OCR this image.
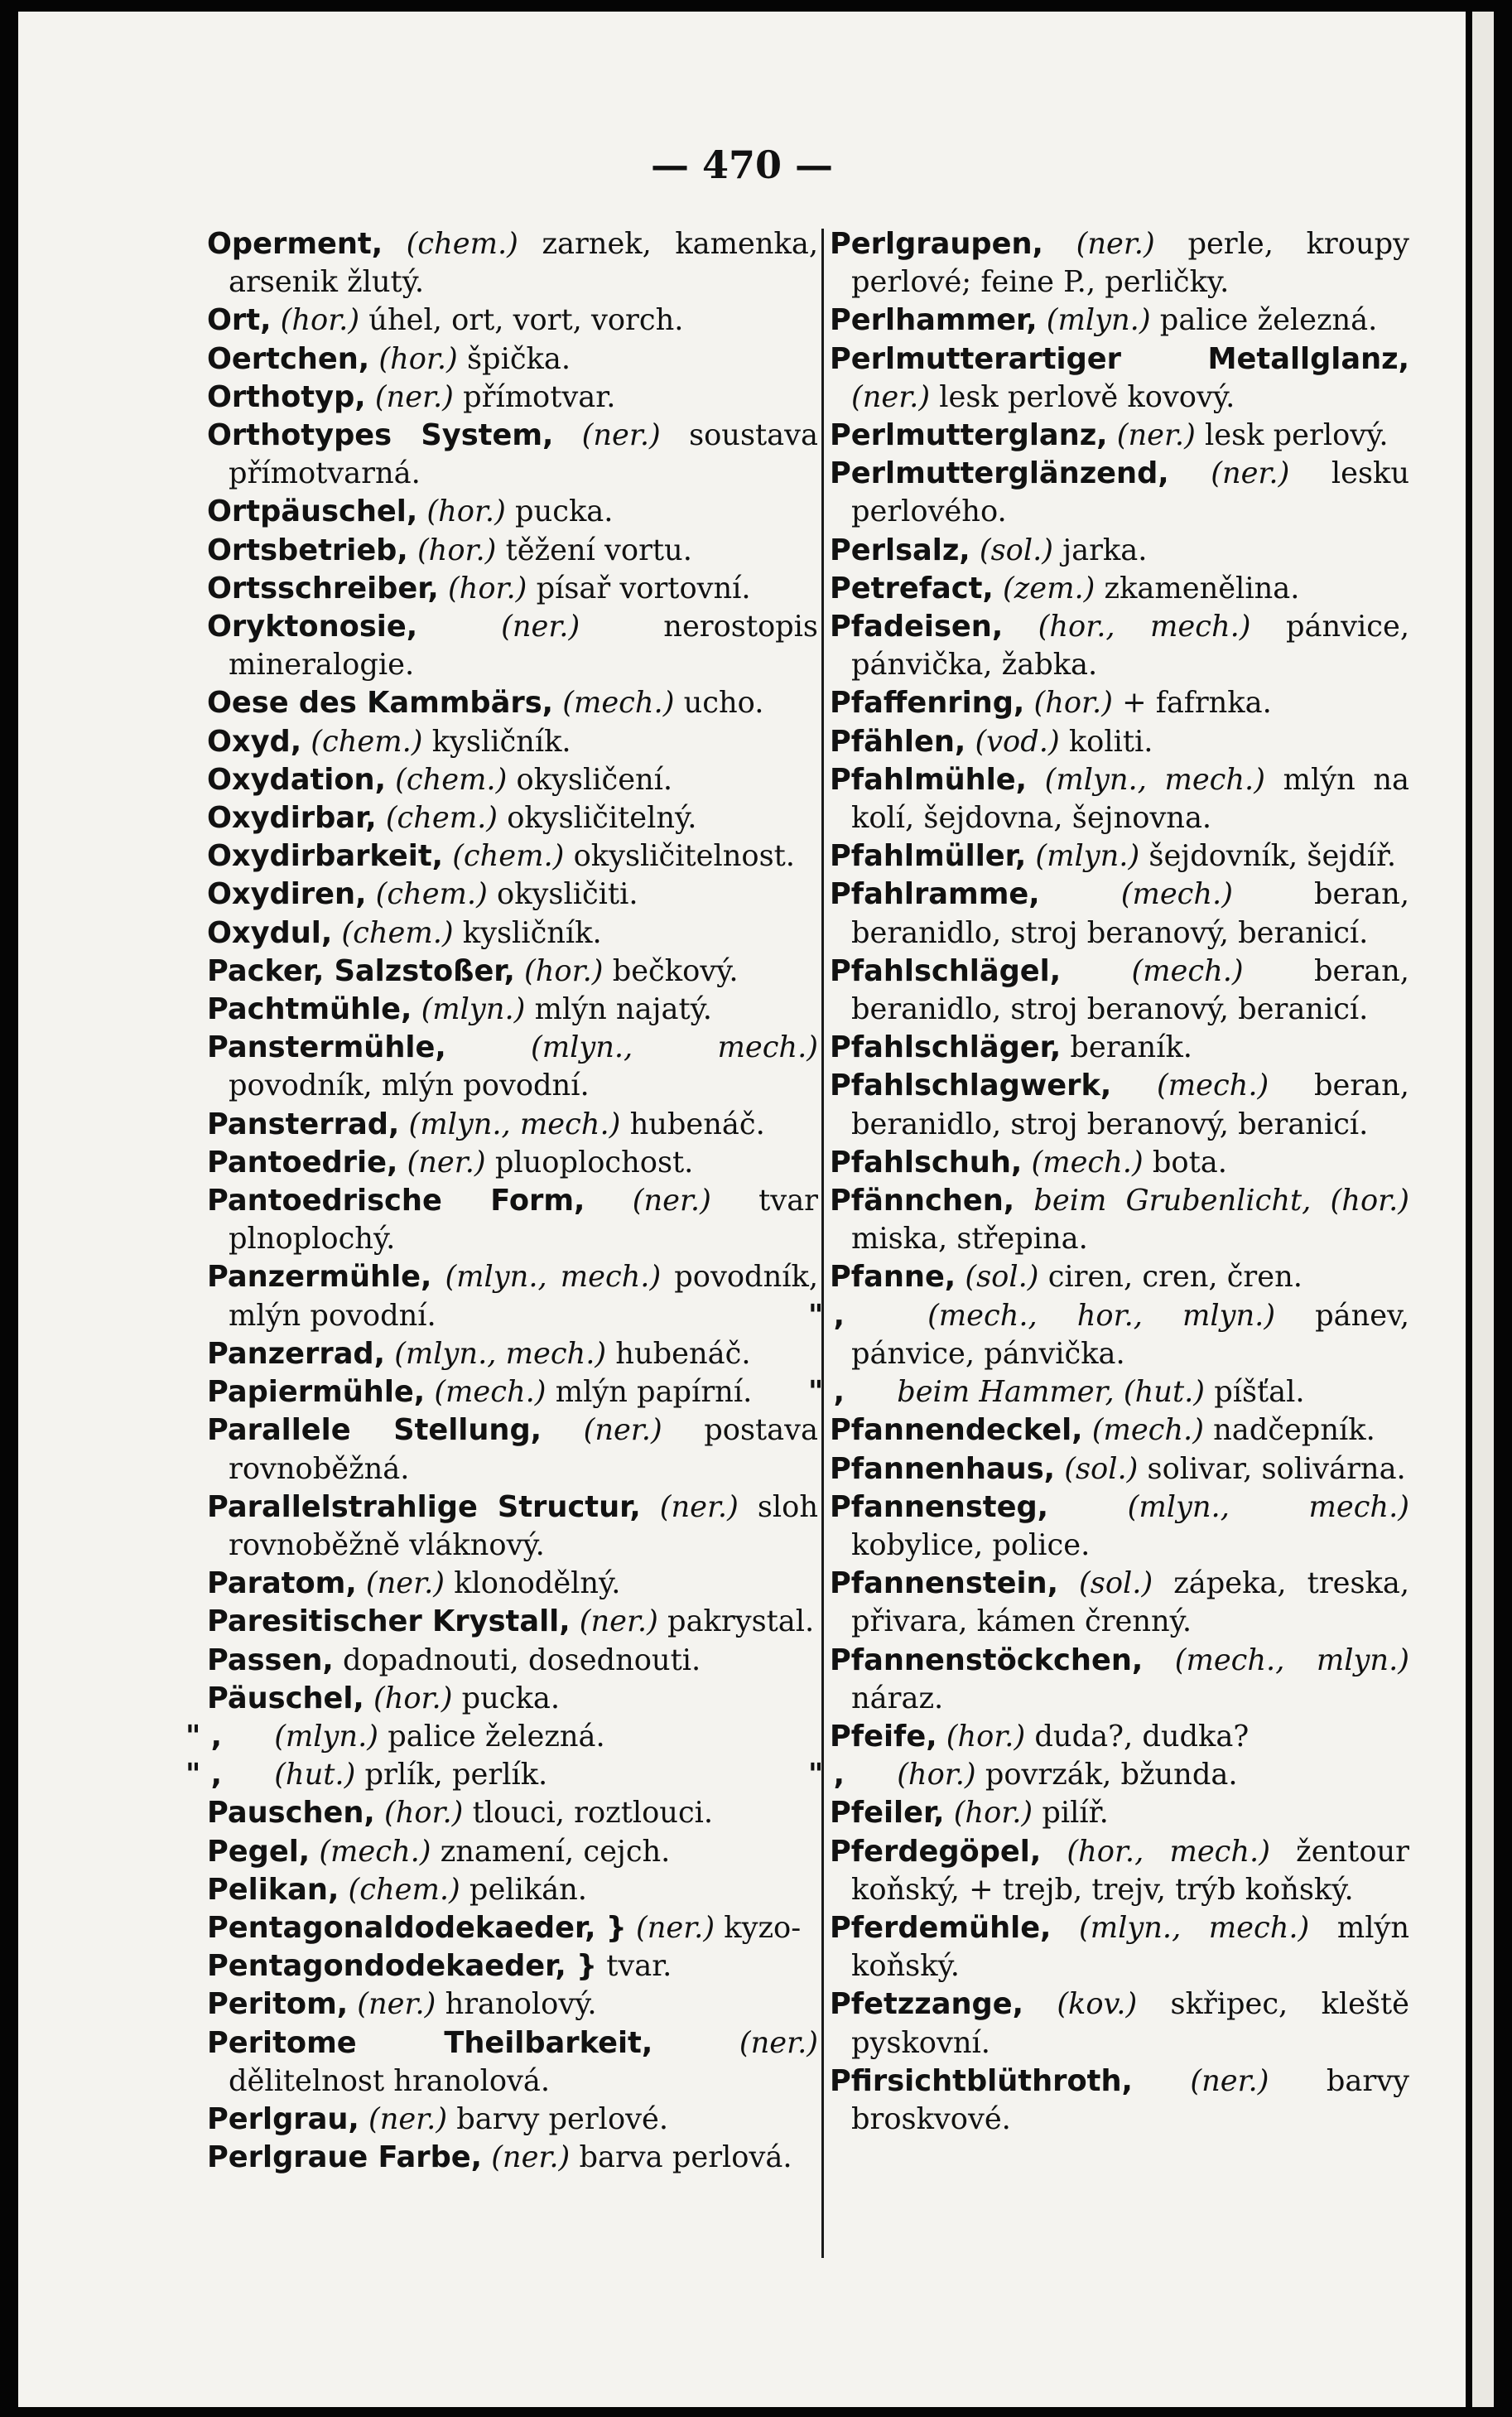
— 470 —

Operment, (chem.) zarnek, kamenka, arsenik žlutý.

Ort, (hor.) úhel, ort, vort, vorch.

Oertchen, (hor.) špička.

Orthotyp, (ner.) přímotvar.

Orthotypes System, (ner.) soustava přímotvarná.

Ortpäuschel, (hor.) pucka.

Ortsbetrieb, (hor.) těžení vortu.

Ortsschreiber, (hor.) písař vortovní.

Oryktonosie,	(ner.)	nerostopis mineralogie.

Oese des Kammbärs, (mech.) ucho.

Oxyd, (chem.) kysličník.

Oxydation, (chem.) okysličení.

Oxydirbar, (chem.) okysličitelný.

Oxydirbarkeit, (chem.) okysličitelnost.

Oxydiren, (chem.) okysličiti.

Oxydul, (chem.) kysličník.

Packer, Salzstoßer, (hor.) bečkový.

Pachtmühle, (mlyn.) mlýn najatý.

Panstermühle,	(mlyn., mech.) povodník, mlýn povodní.

Pansterrad, (mlyn., mech.) hubenáč.

Pantoedrie, (ner.) pluoplochost.

Pantoedrische Form, (ner.) tvar plnoplochý.

Panzermühle, (mlyn., mech.) povodník, mlýn povodní.

Panzerrad, (mlyn., mech.) hubenáč.

Papiermühle, (mech.) mlýn papírní.

Parallele Stellung, (ner.) postava rovnoběžná.

Parallelstrahlige Structur, (ner.) sloh rovnoběžně vláknový.

Paratom, (ner.) klonodělný.

Paresitischer Krystall, (ner.) pakrystal.

Passen, dopadnouti, dosednouti.

Päuschel, (hor.) pucka.

" , (mlyn.) palice železná.

" , (hut.) prlík, perlík.

Pauschen, (hor.) tlouci, roztlouci.

Pegel, (mech.) znamení, cejch.

Pelikan, (chem.) pelikán.

Pentagonaldodekaeder, } (ner.) kyzo-

Pentagondodekaeder, } tvar.

Peritom, (ner.) hranolový.

Peritome Theilbarkeit,	(ner.) dělitelnost hranolová.

Perlgrau, (ner.) barvy perlové.

Perlgraue Farbe, (ner.) barva perlová.

Perlgraupen, (ner.) perle, kroupy perlové; feine P., perličky.

Perlhammer, (mlyn.) palice železná.

Perlmutterartiger Metallglanz, (ner.) lesk perlově kovový.

Perlmutterglanz, (ner.) lesk perlový.

Perlmutterglänzend, (ner.) lesku perlového.

Perlsalz, (sol.) jarka.

Petrefact, (zem.) zkamenělina.

Pfadeisen, (hor., mech.) pánvice, pánvička, žabka.

Pfaffenring, (hor.) + fafrnka.

Pfählen, (vod.) koliti.

Pfahlmühle, (mlyn., mech.) mlýn na kolí, šejdovna, šejnovna.

Pfahlmüller, (mlyn.) šejdovník, šejdíř.

Pfahlramme,	(mech.)	beran, beranidlo, stroj beranový, beranicí.

Pfahlschlägel, (mech.) beran, beranidlo, stroj beranový, beranicí.

Pfahlschläger, beraník.

Pfahlschlagwerk, (mech.) beran, beranidlo, stroj beranový, beranicí.

Pfahlschuh, (mech.) bota.

Pfännchen, beim Grubenlicht, (hor.) miska, střepina.

Pfanne, (sol.) ciren, cren, čren.

" ,	(mech., hor., mlyn.) pánev, pánvice, pánvička.

" , beim Hammer, (hut.) píšťal.

Pfannendeckel, (mech.) nadčepník.

Pfannenhaus, (sol.) solivar, solivárna.

Pfannensteg,	(mlyn., mech.) kobylice, police.

Pfannenstein, (sol.) zápeka, treska, přivara, kámen črenný.

Pfannenstöckchen, (mech., mlyn.) náraz.

Pfeife, (hor.) duda?, dudka?

" , (hor.) povrzák, bžunda.

Pfeiler, (hor.) pilíř.

Pferdegöpel, (hor., mech.) žentour koňský, + trejb, trejv, trýb koňský.

Pferdemühle, (mlyn., mech.) mlýn koňský.

Pfetzzange, (kov.) skřipec, kleště pyskovní.

Pfirsichtblüthroth, (ner.) barvy broskvové.
